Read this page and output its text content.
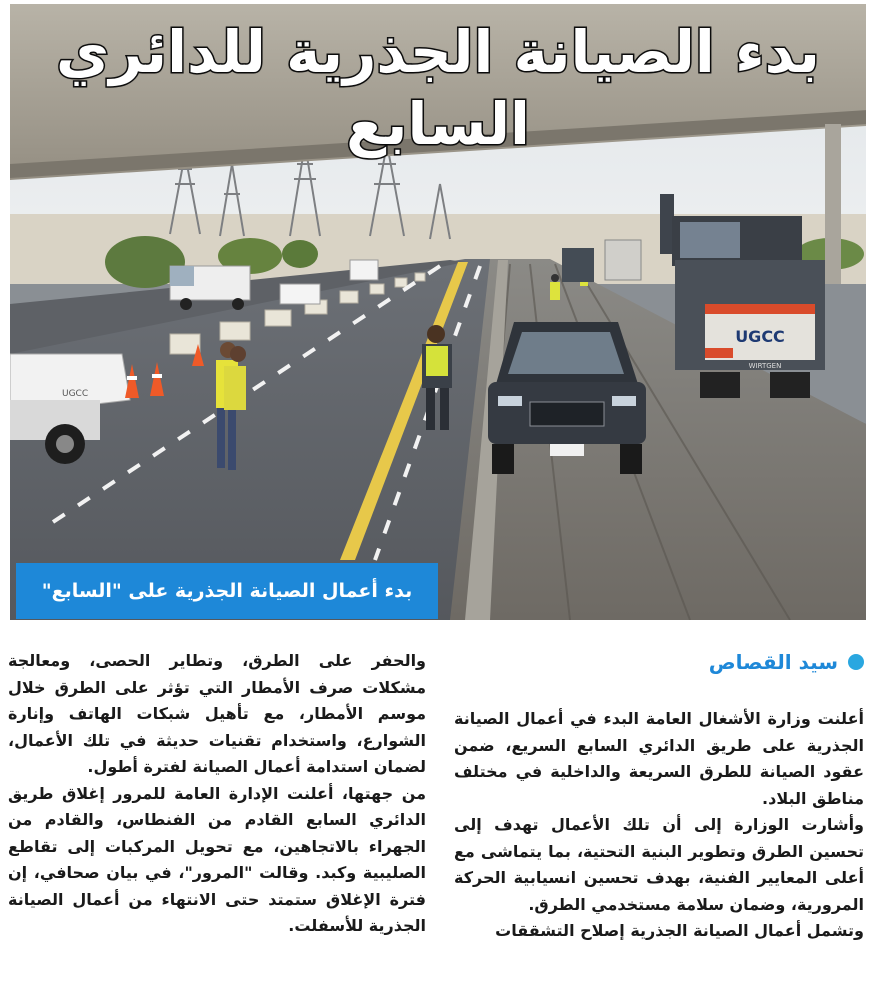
UGCC
UGCC
WIRTGEN
بدء الصيانة الجذرية للدائري السابع
بدء أعمال الصيانة الجذرية على "السابع"
سيد القصاص

أعلنت وزارة الأشغال العامة البدء في أعمال الصيانة الجذرية على طريق الدائري السابع السريع، ضمن عقود الصيانة للطرق السريعة والداخلية في مختلف مناطق البلاد.

وأشارت الوزارة إلى أن تلك الأعمال تهدف إلى تحسين الطرق وتطوير البنية التحتية، بما يتماشى مع أعلى المعايير الفنية، بهدف تحسين انسيابية الحركة المرورية، وضمان سلامة مستخدمي الطرق.

وتشمل أعمال الصيانة الجذرية إصلاح التشققات

والحفر على الطرق، وتطاير الحصى، ومعالجة مشكلات صرف الأمطار التي تؤثر على الطرق خلال موسم الأمطار، مع تأهيل شبكات الهاتف وإنارة الشوارع، واستخدام تقنيات حديثة في تلك الأعمال، لضمان استدامة أعمال الصيانة لفترة أطول.

من جهتها، أعلنت الإدارة العامة للمرور إغلاق طريق الدائري السابع القادم من الفنطاس، والقادم من الجهراء بالاتجاهين، مع تحويل المركبات إلى تقاطع الصليبية وكبد. وقالت "المرور"، في بيان صحافي، إن فترة الإغلاق ستمتد حتى الانتهاء من أعمال الصيانة الجذرية للأسفلت.
